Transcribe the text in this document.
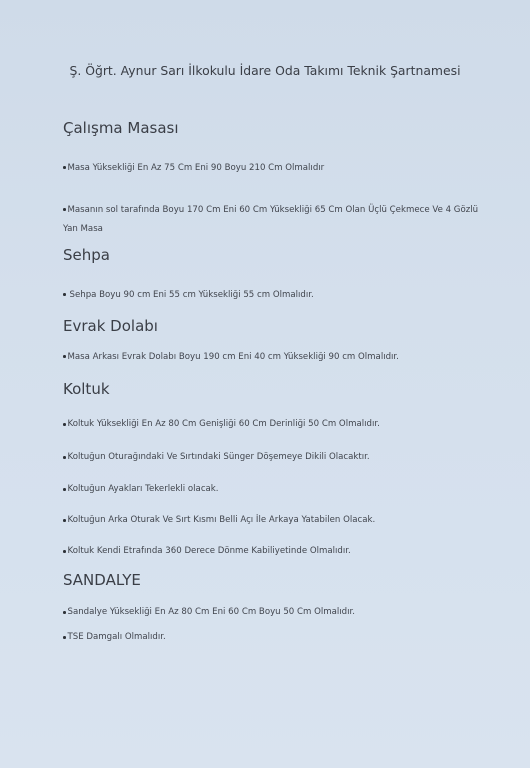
Ş. Öğrt. Aynur Sarı İlkokulu İdare Oda Takımı Teknik Şartnamesi
Çalışma Masası
Masa Yüksekliği En Az 75 Cm Eni 90 Boyu 210 Cm Olmalıdır
Masanın sol tarafında Boyu 170 Cm Eni 60 Cm Yüksekliği 65 Cm Olan Üçlü Çekmece Ve 4 Gözlü Yan Masa
Sehpa
Sehpa Boyu 90 cm Eni 55 cm Yüksekliği 55 cm Olmalıdır.
Evrak Dolabı
Masa Arkası Evrak Dolabı Boyu 190 cm Eni 40 cm Yüksekliği 90 cm Olmalıdır.
Koltuk
Koltuk Yüksekliği En Az 80 Cm Genişliği 60 Cm Derinliği 50 Cm Olmalıdır.
Koltuğun Oturağındaki Ve Sırtındaki Sünger Döşemeye Dikili Olacaktır.
Koltuğun Ayakları Tekerlekli olacak.
Koltuğun Arka Oturak Ve Sırt Kısmı Belli Açı İle Arkaya Yatabilen Olacak.
Koltuk Kendi Etrafında 360 Derece Dönme Kabiliyetinde Olmalıdır.
SANDALYE
Sandalye Yüksekliği En Az 80 Cm Eni 60 Cm Boyu 50 Cm Olmalıdır.
TSE Damgalı Olmalıdır.
